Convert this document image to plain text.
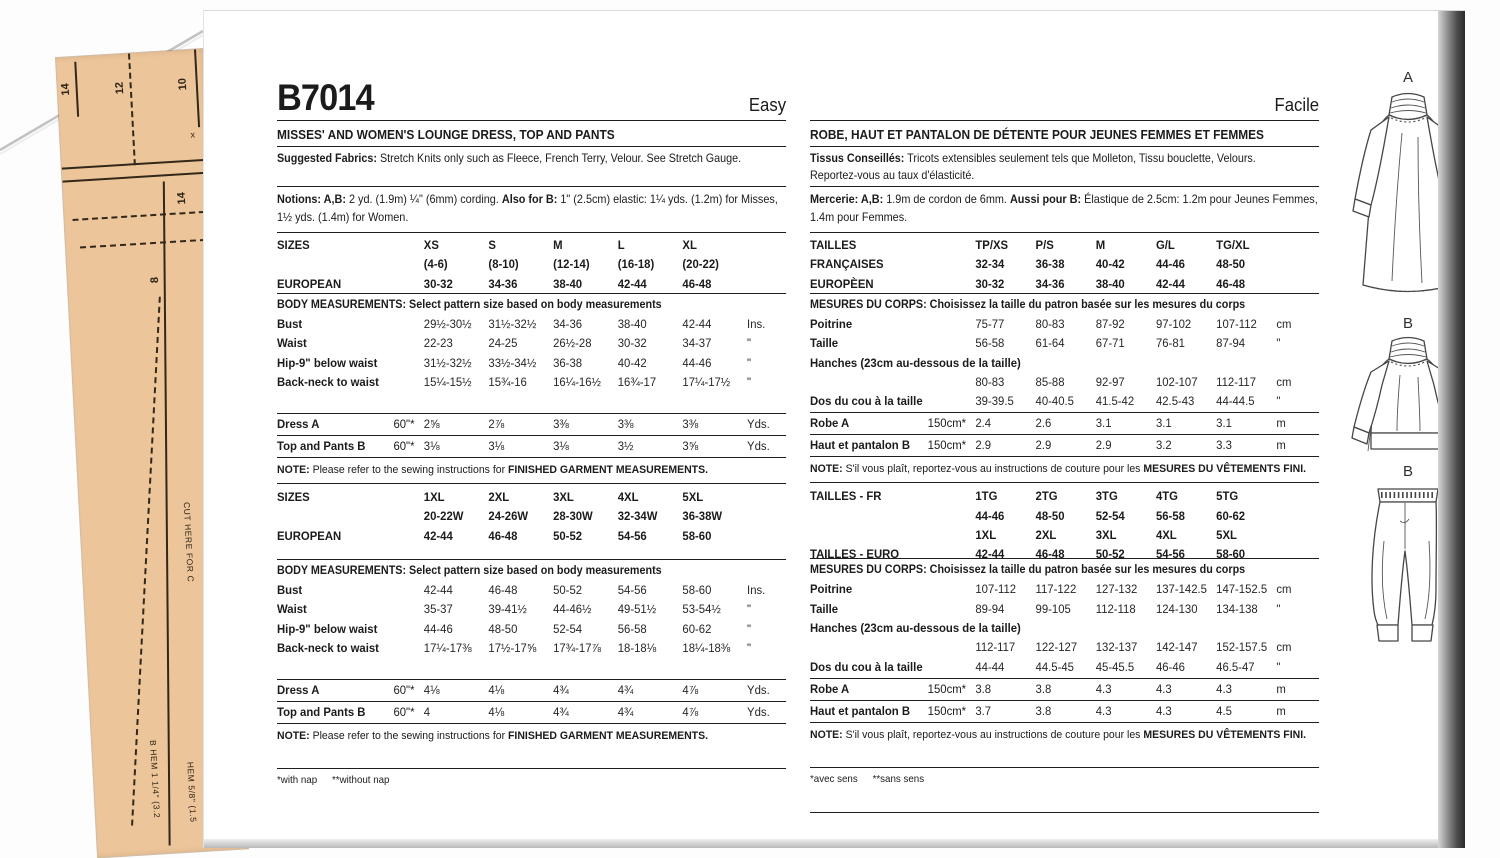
14	12	10
x
14
8
CUT HERE FOR C
B HEM 1 1/4" (3.2	HEM 5/8" (1.5
B7014	Easy
MISSES' AND WOMEN'S LOUNGE DRESS, TOP AND PANTS
Suggested Fabrics: Stretch Knits only such as Fleece, French Terry, Velour. See Stretch Gauge.
Notions: A,B: 2 yd. (1.9m) ¼" (6mm) cording. Also for B: 1" (2.5cm) elastic: 1¼ yds. (1.2m) for Misses, 1½ yds. (1.4m) for Women.
SIZES	XS	S	M	L	XL
(4-6)	(8-10)	(12-14)	(16-18)	(20-22)
EUROPEAN	30-32	34-36	38-40	42-44	46-48
BODY MEASUREMENTS: Select pattern size based on body measurements
Bust	29½-30½	31½-32½	34-36	38-40	42-44	Ins.
Waist	22-23	24-25	26½-28	30-32	34-37	"
Hip-9" below waist	31½-32½	33½-34½	36-38	40-42	44-46	"
Back-neck to waist	15¼-15½	15¾-16	16¼-16½	16¾-17	17¼-17½	"
Dress A	60"* 2⅝	2⅞	3⅜	3⅜	3⅜	Yds.
Top and Pants B 60"* 3⅛	3⅛	3⅛	3½	3⅝	Yds.
NOTE: Please refer to the sewing instructions for FINISHED GARMENT MEASUREMENTS.
SIZES	1XL	2XL	3XL	4XL	5XL
20-22W	24-26W	28-30W	32-34W	36-38W
EUROPEAN	42-44	46-48	50-52	54-56	58-60
BODY MEASUREMENTS: Select pattern size based on body measurements
Bust	42-44	46-48	50-52	54-56	58-60	Ins.
Waist	35-37	39-41½	44-46½	49-51½	53-54½	"
Hip-9" below waist	44-46	48-50	52-54	56-58	60-62	"
Back-neck to waist	17¼-17⅜	17½-17⅝	17¾-17⅞	18-18⅛	18¼-18⅜	"
Dress A	60"* 4⅛	4⅛	4¾	4¾	4⅞	Yds.
Top and Pants B 60"* 4	4⅛	4¾	4¾	4⅞	Yds.
NOTE: Please refer to the sewing instructions for FINISHED GARMENT MEASUREMENTS.
*with nap **without nap
Facile
ROBE, HAUT ET PANTALON DE DÉTENTE POUR JEUNES FEMMES ET FEMMES
Tissus Conseillés: Tricots extensibles seulement tels que Molleton, Tissu bouclette, Velours.
Reportez-vous au taux d'élasticité.
Mercerie: A,B: 1.9m de cordon de 6mm. Aussi pour B: Élastique de 2.5cm: 1.2m pour Jeunes Femmes, 1.4m pour Femmes.
TAILLES	TP/XS	P/S	M	G/L	TG/XL
FRANÇAISES	32-34	36-38	40-42	44-46	48-50
EUROPÈEN	30-32	34-36	38-40	42-44	46-48
MESURES DU CORPS: Choisissez la taille du patron basée sur les mesures du corps
Poitrine	75-77	80-83	87-92	97-102	107-112	cm
Taille	56-58	61-64	67-71	76-81	87-94	"
Hanches (23cm au-dessous de la taille)
80-83	85-88	92-97	102-107	112-117	cm
Dos du cou à la taille	39-39.5	40-40.5	41.5-42	42.5-43	44-44.5	"
Robe A	150cm* 2.4	2.6	3.1	3.1	3.1	m
Haut et pantalon B 150cm* 2.9	2.9	2.9	3.2	3.3	m
NOTE: S'il vous plaît, reportez-vous au instructions de couture pour les MESURES DU VÊTEMENTS FINI.
TAILLES - FR	1TG	2TG	3TG	4TG	5TG
44-46	48-50	52-54	56-58	60-62
1XL	2XL	3XL	4XL	5XL
TAILLES - EURO	42-44	46-48	50-52	54-56	58-60
MESURES DU CORPS: Choisissez la taille du patron basée sur les mesures du corps
Poitrine	107-112	117-122	127-132	137-142.5 147-152.5 cm
Taille	89-94	99-105	112-118	124-130	134-138	"
Hanches (23cm au-dessous de la taille)
112-117	122-127	132-137	142-147	152-157.5 cm
Dos du cou à la taille	44-44	44.5-45	45-45.5	46-46	46.5-47	"
Robe A	150cm* 3.8	3.8	4.3	4.3	4.3	m
Haut et pantalon B 150cm* 3.7	3.8	4.3	4.3	4.5	m
NOTE: S'il vous plaît, reportez-vous au instructions de couture pour les MESURES DU VÊTEMENTS FINI.
*avec sens **sans sens
A
B
B
